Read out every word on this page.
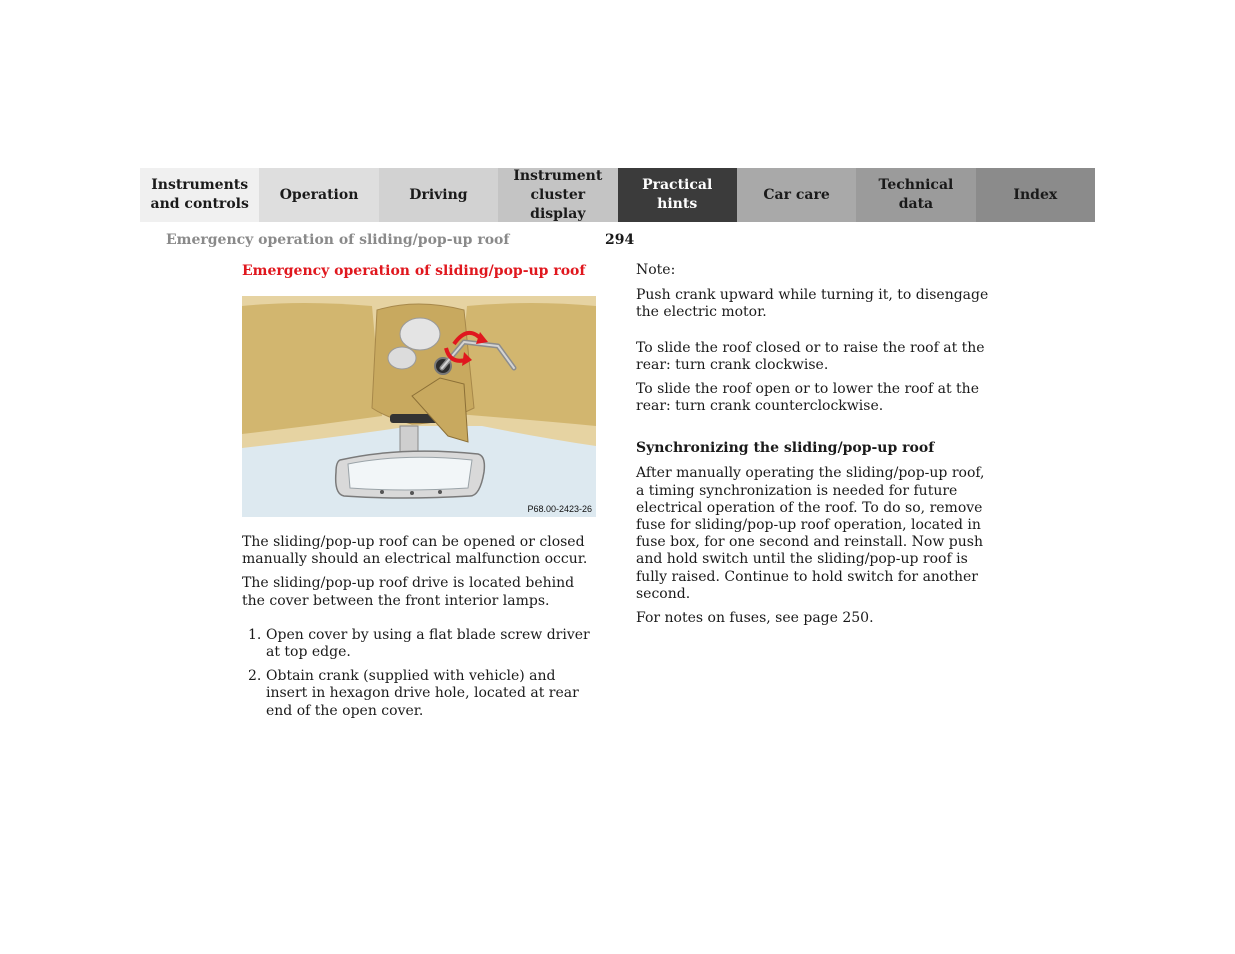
Instruments
and controls
Operation	Driving
Instrument
cluster display
Practical hints
Car care
Technical
data
Index
Emergency operation of sliding/pop-up roof	294
Emergency operation of sliding/pop-up roof
P68.00-2423-26

The sliding/pop-up roof can be opened or closed manually should an electrical malfunction occur.

The sliding/pop-up roof drive is located behind the cover between the front interior lamps.

1. Open cover by using a flat blade screw driver at top edge.
2. Obtain crank (supplied with vehicle) and insert in hexagon drive hole, located at rear end of the open cover.

Note:

Push crank upward while turning it, to disengage the electric motor.

To slide the roof closed or to raise the roof at the rear: turn crank clockwise.

To slide the roof open or to lower the roof at the rear: turn crank counterclockwise.

Synchronizing the sliding/pop-up roof

After manually operating the sliding/pop-up roof, a timing synchronization is needed for future electrical operation of the roof. To do so, remove fuse for sliding/pop-up roof operation, located in fuse box, for one second and reinstall. Now push and hold switch until the sliding/pop-up roof is fully raised. Continue to hold switch for another second.

For notes on fuses, see page 250.
